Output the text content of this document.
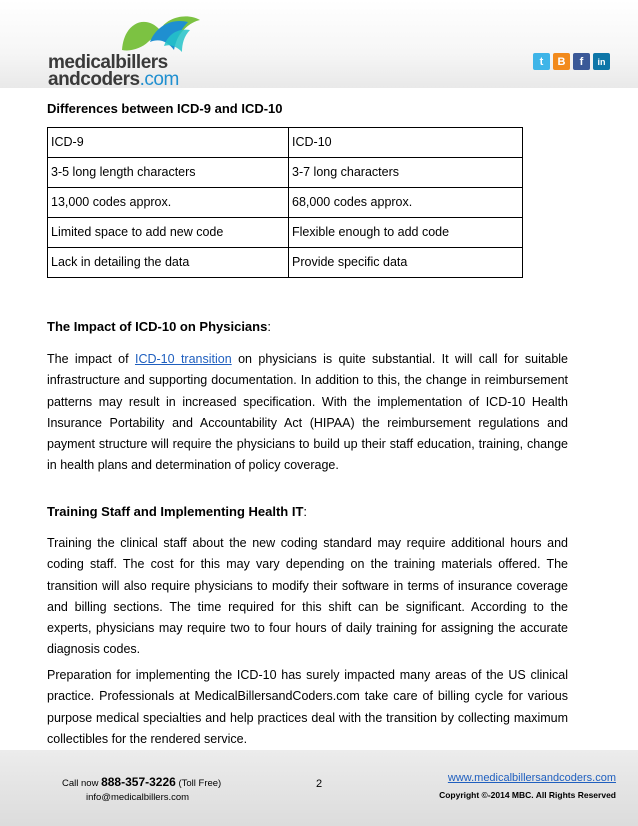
medicalbillers
andcoders.com
t	B	f	in
Differences between ICD-9 and ICD-10
ICD-9	ICD-10
3-5 long length characters	3-7 long characters
13,000 codes approx.	68,000 codes approx.
Limited space to add new code	Flexible enough to add code
Lack in detailing the data	Provide specific data
The Impact of ICD-10 on Physicians:

The impact of ICD-10 transition on physicians is quite substantial. It will call for suitable infrastructure and supporting documentation. In addition to this, the change in reimbursement patterns may result in increased specification. With the implementation of ICD-10 Health Insurance Portability and Accountability Act (HIPAA) the reimbursement regulations and payment structure will require the physicians to build up their staff education, training, change in health plans and determination of policy coverage.

Training Staff and Implementing Health IT:

Training the clinical staff about the new coding standard may require additional hours and coding staff. The cost for this may vary depending on the training materials offered. The transition will also require physicians to modify their software in terms of insurance coverage and billing sections. The time required for this shift can be significant. According to the experts, physicians may require two to four hours of daily training for assigning the accurate diagnosis codes.

Preparation for implementing the ICD-10 has surely impacted many areas of the US clinical practice. Professionals at MedicalBillersandCoders.com take care of billing cycle for various purpose medical specialties and help practices deal with the transition by collecting maximum collectibles for the rendered service.

Call now 888-357-3226 (Toll Free)
info@medicalbillers.com
2	www.medicalbillersandcoders.com
Copyright ©-2014 MBC. All Rights Reserved
